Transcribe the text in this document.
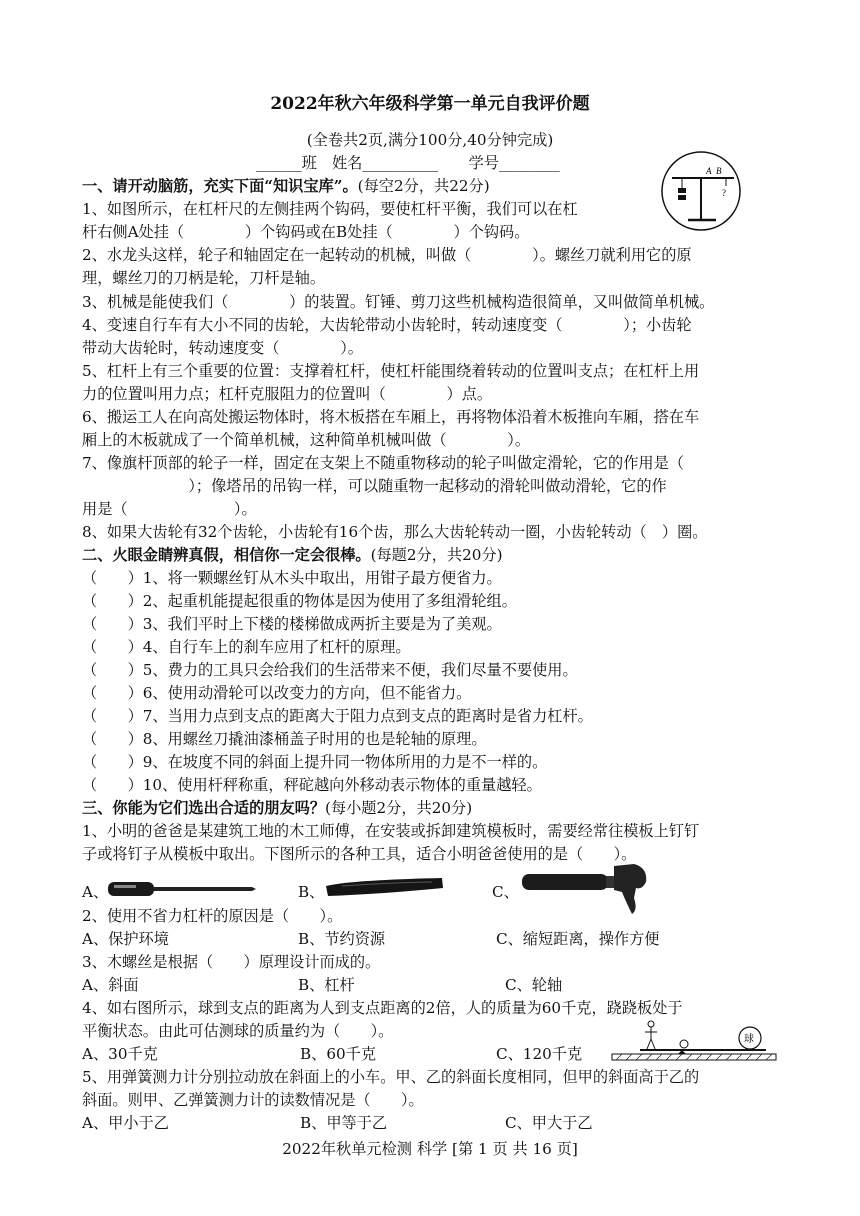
2022年秋六年级科学第一单元自我评价题
(全卷共2页,满分100分,40分钟完成)
______班　姓名__________　　学号________	A B
?
一、请开动脑筋，充实下面“知识宝库”。(每空2分，共22分)
1、如图所示，在杠杆尺的左侧挂两个钩码，要使杠杆平衡，我们可以在杠
杆右侧A处挂（　　　　）个钩码或在B处挂（　　　　）个钩码。
2、水龙头这样，轮子和轴固定在一起转动的机械，叫做（　　　　）。螺丝刀就利用它的原
理，螺丝刀的刀柄是轮，刀杆是轴。
3、机械是能使我们（　　　　）的装置。钉锤、剪刀这些机械构造很简单，又叫做简单机械。
4、变速自行车有大小不同的齿轮，大齿轮带动小齿轮时，转动速度变（　　　　）；小齿轮
带动大齿轮时，转动速度变（　　　　）。
5、杠杆上有三个重要的位置：支撑着杠杆，使杠杆能围绕着转动的位置叫支点；在杠杆上用
力的位置叫用力点；杠杆克服阻力的位置叫（　　　　）点。
6、搬运工人在向高处搬运物体时，将木板搭在车厢上，再将物体沿着木板推向车厢，搭在车
厢上的木板就成了一个简单机械，这种简单机械叫做（　　　　）。
7、像旗杆顶部的轮子一样，固定在支架上不随重物移动的轮子叫做定滑轮，它的作用是（
　　　　　　　）；像塔吊的吊钩一样，可以随重物一起移动的滑轮叫做动滑轮，它的作
用是（　　　　　　　）。
8、如果大齿轮有32个齿轮，小齿轮有16个齿，那么大齿轮转动一圈，小齿轮转动（　）圈。
二、火眼金睛辨真假，相信你一定会很棒。(每题2分，共20分)
（　　）1、将一颗螺丝钉从木头中取出，用钳子最方便省力。
（　　）2、起重机能提起很重的物体是因为使用了多组滑轮组。
（　　）3、我们平时上下楼的楼梯做成两折主要是为了美观。
（　　）4、自行车上的刹车应用了杠杆的原理。
（　　）5、费力的工具只会给我们的生活带来不便，我们尽量不要使用。
（　　）6、使用动滑轮可以改变力的方向，但不能省力。
（　　）7、当用力点到支点的距离大于阻力点到支点的距离时是省力杠杆。
（　　）8、用螺丝刀撬油漆桶盖子时用的也是轮轴的原理。
（　　）9、在坡度不同的斜面上提升同一物体所用的力是不一样的。
（　　）10、使用杆秤称重，秤砣越向外移动表示物体的重量越轻。
三、你能为它们选出合适的朋友吗？(每小题2分，共20分)
1、小明的爸爸是某建筑工地的木工师傅，在安装或拆卸建筑模板时，需要经常往模板上钉钉
子或将钉子从模板中取出。下图所示的各种工具，适合小明爸爸使用的是（　　）。
A、	B、	C、
2、使用不省力杠杆的原因是（　　）。
A、保护环境	B、节约资源	C、缩短距离，操作方便
3、木螺丝是根据（　　）原理设计而成的。
A、斜面	B、杠杆	C、轮轴
4、如右图所示，球到支点的距离为人到支点距离的2倍，人的质量为60千克，跷跷板处于
平衡状态。由此可估测球的质量约为（　　）。
A、30千克	B、60千克	C、120千克
球
5、用弹簧测力计分别拉动放在斜面上的小车。甲、乙的斜面长度相同，但甲的斜面高于乙的
斜面。则甲、乙弹簧测力计的读数情况是（　　）。
A、甲小于乙	B、甲等于乙	C、甲大于乙
2022年秋单元检测 科学 [第 1 页 共 16 页]
